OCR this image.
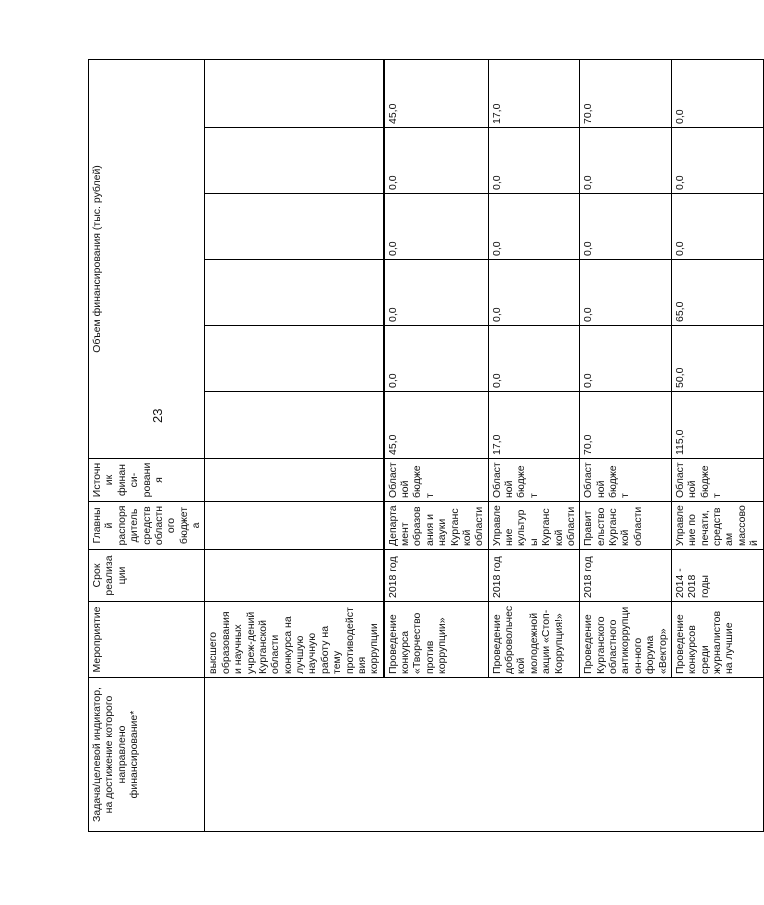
23
Задача/целевой индикатор, на достижение которого направлено финансирование*	Мероприятие	Срок реализации	Главный распорядитель средств областного бюджета	Источник финанси-рования	Объем финансирования (тыс. рублей)					
	высшего образования и научных учреж-дений Курганской области конкурса на лучшую научную работу на тему противодействия коррупции									

	Проведение конкурса «Творчество против коррупции»	2018 год	Департамент образования и науки Курганской области	Областной бюджет	45,0	0,0	0,0	0,0	0,0	45,0
	Проведение добровольческой молодежной акции «Стоп-Коррупция!»	2018 год	Управление культуры Курганской области	Областной бюджет	17,0	0,0	0,0	0,0	0,0	17,0
	Проведение Курганского областного антикоррупцион-ного форума «Вектор»	2018 год	Правительство Курганской области	Областной бюджет	70,0	0,0	0,0	0,0	0,0	70,0
	Проведение конкурсов среди журналистов на лучшие	2014 - 2018 годы	Управление по печати, средствам массовой	Областной бюджет	115,0	50,0	65,0	0,0	0,0	0,0
